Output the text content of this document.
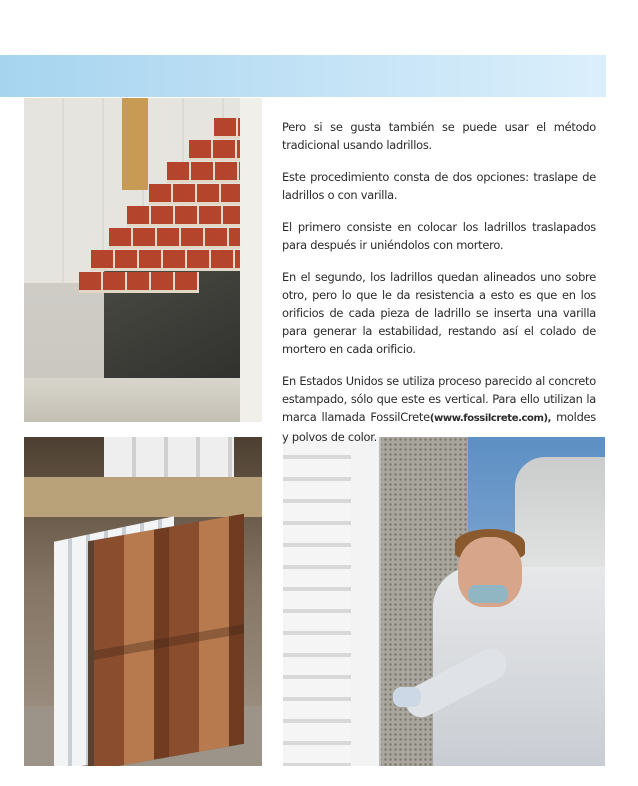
Pero si se gusta también se puede usar el método tradicional usando ladrillos.

Este procedimiento consta de dos opciones: traslape de ladrillos o con varilla.

El primero consiste en colocar los ladrillos traslapados para después ir uniéndolos con mortero.

En el segundo, los ladrillos quedan alineados uno sobre otro, pero lo que le da resistencia a esto es que en los orificios de cada pieza de ladrillo se inserta una varilla para generar la estabilidad, restando así el colado de mortero en cada orificio.

En Estados Unidos se utiliza proceso parecido al concreto estampado, sólo que este es vertical. Para ello utilizan la marca llamada FossilCrete(www.fossilcrete.com), moldes y polvos de color.
